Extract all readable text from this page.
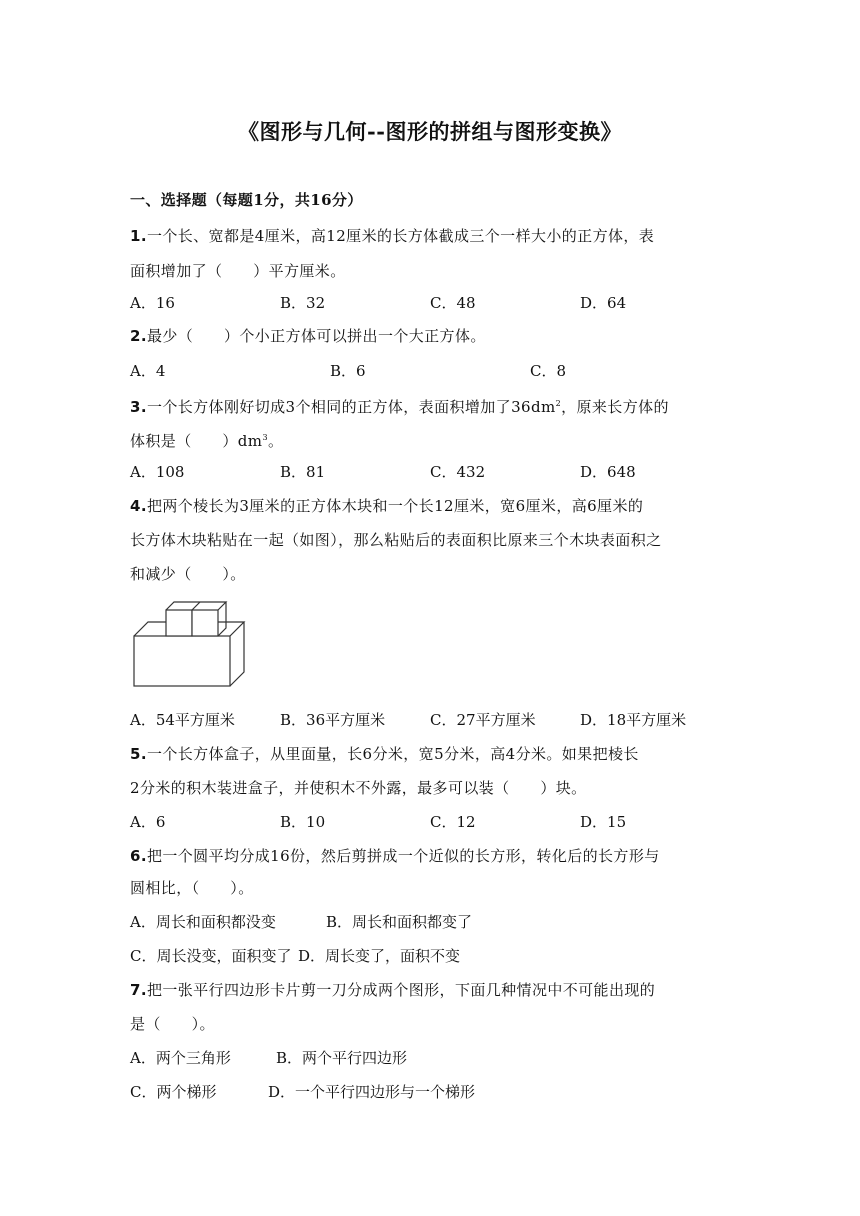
《图形与几何--图形的拼组与图形变换》
一、选择题（每题1分，共16分）
1.一个长、宽都是4厘米，高12厘米的长方体截成三个一样大小的正方体，表
面积增加了（　　）平方厘米。
A．16	B．32	C．48	D．64
2.最少（　　）个小正方体可以拼出一个大正方体。
A．4	B．6	C．8
3.一个长方体刚好切成3个相同的正方体，表面积增加了$36dm^2$，原来长方体的
体积是（　　）$dm^3$。
A．108	B．81	C．432	D．648
4.把两个棱长为3厘米的正方体木块和一个长12厘米，宽6厘米，高6厘米的
长方体木块粘贴在一起（如图），那么粘贴后的表面积比原来三个木块表面积之
和减少（　　）。
A．54平方厘米	B．36平方厘米	C．27平方厘米	D．18平方厘米
5.一个长方体盒子，从里面量，长6分米，宽5分米，高4分米。如果把棱长
2分米的积木装进盒子，并使积木不外露，最多可以装（　　）块。
A．6	B．10	C．12	D．15
6.把一个圆平均分成16份，然后剪拼成一个近似的长方形，转化后的长方形与
圆相比，（　　）。
A．周长和面积都没变	B．周长和面积都变了
C．周长没变，面积变了 D．周长变了，面积不变
7.把一张平行四边形卡片剪一刀分成两个图形，下面几种情况中不可能出现的
是（　　）。
A．两个三角形	B．两个平行四边形
C．两个梯形	D．一个平行四边形与一个梯形
